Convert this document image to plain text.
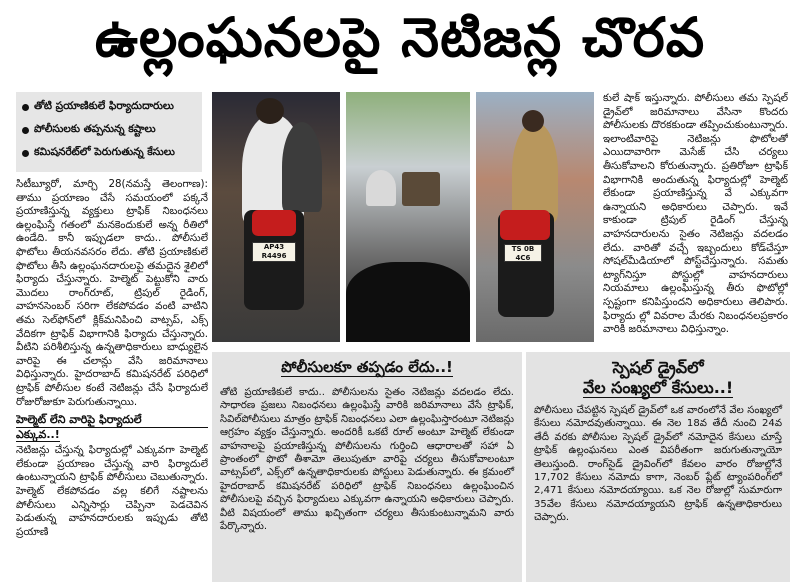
ఉల్లంఘనలపై నెటిజన్ల చొరవ
తోటి ప్రయాణికులే ఫిర్యాదుదారులు
పోలీసులకు తప్పనున్న కష్టాలు
కమిషనరేట్‌లో పెరుగుతున్న కేసులు

సిటీబ్యూరో, మార్చి 28(నమస్తే తెలంగాణ): తాము ప్రయాణం చేసే సమయంలో పక్కనే ప్రయాణిస్తున్న వ్యక్తులు ట్రాఫిక్ నిబంధనలు ఉల్లంఘిస్తే గతంలో మనకెందుకులే అన్న రీతిలో ఉండేది. కానీ ఇప్పుడలా కాదు.. పోలీసులే ఫొటోలు తీయనవసరం లేదు. తోటి ప్రయాణికులే ఫొటోలు తీసి ఉల్లంఘనదారులపై తమదైన శైలిలో ఫిర్యాదు చేస్తున్నారు. హెల్మెట్ పెట్టుకోని వారు మొదలు రాంగ్‌రూట్, ట్రిపుల్ రైడింగ్, వాహనసెంబర్ సరిగా లేకపోవడం వంటి వాటిని తమ సెల్‌ఫోన్‌లో క్లిక్‌మనిపించి వాట్సప్, ఎక్స్ వేదికగా ట్రాఫిక్ విభాగానికి ఫిర్యాదు చేస్తున్నారు. వీటిని పరిశీలిస్తున్న ఉన్నతాధికారులు బాధ్యులైన వారిపై ఈ చలాన్లు వేసి జరిమానాలు విధిస్తున్నారు. హైదరాబాద్ కమిషనరేట్ పరిధిలో ట్రాఫిక్ పోలీసుల కంటే నెటిజన్లు చేసే ఫిర్యాదులే రోజురోజుకూ పెరుగుతున్నాయి.

హెల్మెట్ లేని వారిపై ఫిర్యాదులే
ఎక్కువ..!

నెటిజన్లు చేస్తున్న ఫిర్యాదుల్లో ఎక్కువగా హెల్మెట్ లేకుండా ప్రయాణం చేస్తున్న వారి ఫిర్యాదులే ఉంటున్నాయని ట్రాఫిక్ పోలీసులు చెబుతున్నారు. హెల్మెట్ లేకపోవడం వల్ల కలిగే నష్టాలను పోలీసులు ఎన్నిసార్లు చెప్పినా పెడచెవిన పెడుతున్న వాహనదారులకు ఇప్పుడు తోటి ప్రయాణి

AP43 R4496
TS 0B 4C6

కులే షాక్ ఇస్తున్నారు. పోలీసులు తమ స్పెషల్ డ్రైవ్‌లో జరిమానాలు వేసినా కొందరు పోలీసులకు దొరకకుండా తప్పించుకుంటున్నారు. ఇలాంటివారిపై నెటిజన్లు ఫొటోలతో ఎయిదావారిగా మెసేజ్ చేసి చర్యలు తీసుకోవాలని కోరుతున్నారు. ప్రతిరోజూ ట్రాఫిక్ విభాగానికి అందుతున్న ఫిర్యాదుల్లో హెల్మెట్ లేకుండా ప్రయాణిస్తున్న వే ఎక్కువగా ఉన్నాయని అధికారులు చెప్పారు. ఇవే కాకుండా ట్రిపుల్ రైడింగ్ చేస్తున్న వాహనదారులను సైతం నెటిజన్లు వదలడం లేదు. వారితో వచ్చే ఇబ్బందులు కోడ్‌చేస్తూ సోషల్‌మీడియాలో పోస్ట్‌చేస్తున్నారు. సమతు ట్యాగ్‌నిస్తూ పోస్టుల్లో వాహనదారులు నియమాలు ఉల్లంఘిస్తున్న తీరు ఫొటోల్లో స్పష్టంగా కనిపిస్తుందని అధికారులు తెలిపారు. ఫిర్యాదు ల్లో వివరాల మేరకు నిబంధనలప్రకారం వారికి జరిమానాలు విధిస్తున్నాం.

పోలీసులకూ తప్పడం లేదు..!
తోటి ప్రయాణికులే కాదు.. పోలీసులను సైతం నెటిజన్లు వదలడం లేదు. సాధారణ ప్రజలు నిబంధనలు ఉల్లంఘిస్తే వారికి జరిమానాలు వేసే ట్రాఫిక్, సివిల్‌పోలీసులు మాత్రం ట్రాఫిక్ నిబంధనలు ఎలా ఉల్లంఘిస్తారంటూ నెటిజన్లు ఆగ్రహం వ్యక్తం చేస్తున్నారు. అందరికీ ఒకటే రూల్ అంటూ హెల్మెట్ లేకుండా వాహనాలపై ప్రయాణిస్తున్న పోలీసులను గుర్తించి ఆధారాలతో సహా ఏ ప్రాంతంలో ఫొటో తీశామో తెలుపుతూ వారిపై చర్యలు తీసుకోవాలంటూ వాట్సప్‌లో, ఎక్స్‌లో ఉన్నతాధికారులకు పోస్టులు పెడుతున్నారు. ఈ క్రమంలో హైదరాబాద్ కమిషనరేట్ పరిధిలో ట్రాఫిక్ నిబంధనలు ఉల్లంఘించిన పోలీసులపై వచ్చిన ఫిర్యాదులు ఎక్కువగా ఉన్నాయని అధికారులు చెప్పారు. వీటి విషయంలో తాము ఖచ్చితంగా చర్యలు తీసుకుంటున్నామని వారు పేర్కొన్నారు.
స్పెషల్ డ్రైవ్‌లో
వేల సంఖ్యలో కేసులు..!
పోలీసులు చేపట్టిన స్పెషల్ డ్రైవ్‌లో ఒక వారంలోనే వేల సంఖ్యలో కేసులు నమోదవుతున్నాయి. ఈ నెల 18వ తేదీ నుంచి 24వ తేదీ వరకు పోలీసుల స్పెషల్ డ్రైవ్‌లో నమోదైన కేసులు చూస్తే ట్రాఫిక్ ఉల్లంఘనలు ఎంత విపరీతంగా జరుగుతున్నాయో తెలుస్తుంది. రాంగ్‌సైడ్ డ్రైవింగ్‌లో కేవలం వారం రోజుల్లోనే 17,702 కేసులు నమోదు కాగా, నెంబర్ ప్లేట్ ట్యాంపరింగ్‌లో 2,471 కేసులు నమోదయ్యాయి. ఒక నెల రోజుల్లో సుమారుగా 35వేల కేసులు నమోదయ్యాయని ట్రాఫిక్ ఉన్నతాధికారులు చెప్పారు.
